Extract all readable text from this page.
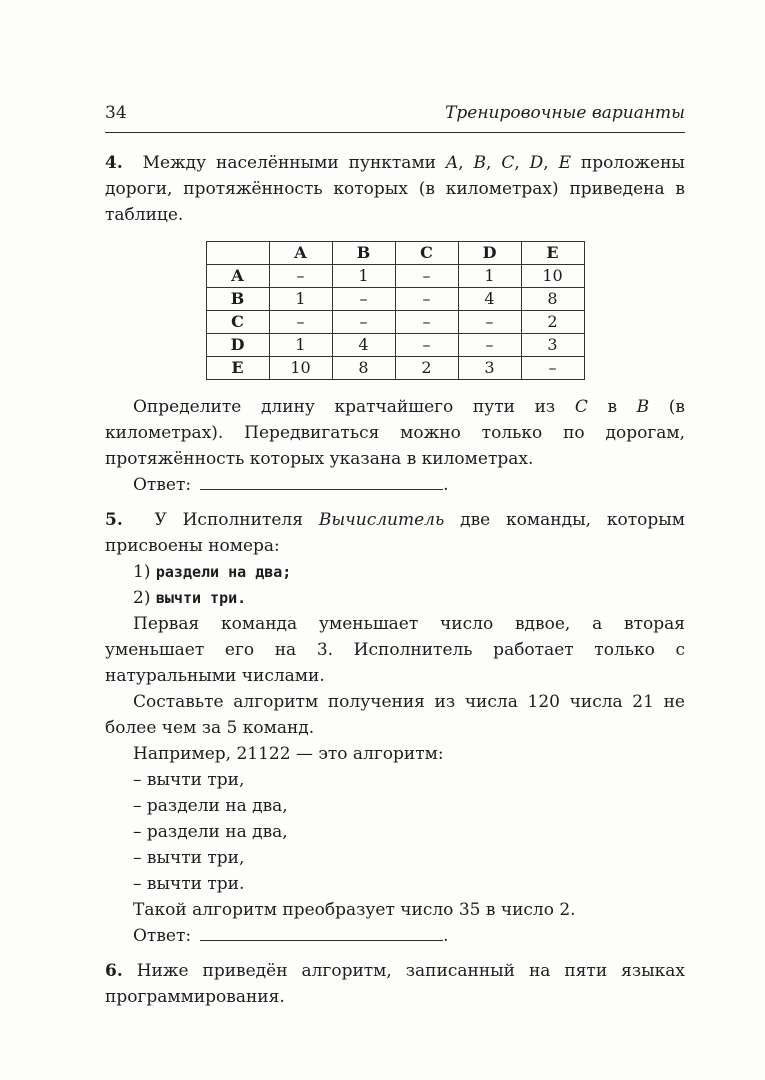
34	Тренировочные варианты

4.  Между населёнными пунктами A, B, C, D, E проложены дороги, протяжённость которых (в километрах) приведена в таблице.

	A	B	C	D	E
A	–	1	–	1	10
B	1	–	–	4	8
C	–	–	–	–	2
D	1	4	–	–	3
E	10	8	2	3	–

Определите длину кратчайшего пути из C в B (в километрах). Передвигаться можно только по дорогам, протяжённость которых указана в километрах.

Ответ:	.

5.  У Исполнителя Вычислитель две команды, которым присвоены номера:

1) раздели на два;

2) вычти три.

Первая команда уменьшает число вдвое, а вторая уменьшает его на 3. Исполнитель работает только с натуральными числами.

Составьте алгоритм получения из числа 120 числа 21 не более чем за 5 команд.

Например, 21122 — это алгоритм:

– вычти три,

– раздели на два,

– раздели на два,

– вычти три,

– вычти три.

Такой алгоритм преобразует число 35 в число 2.

Ответ:	.

6. Ниже приведён алгоритм, записанный на пяти языках программирования.
